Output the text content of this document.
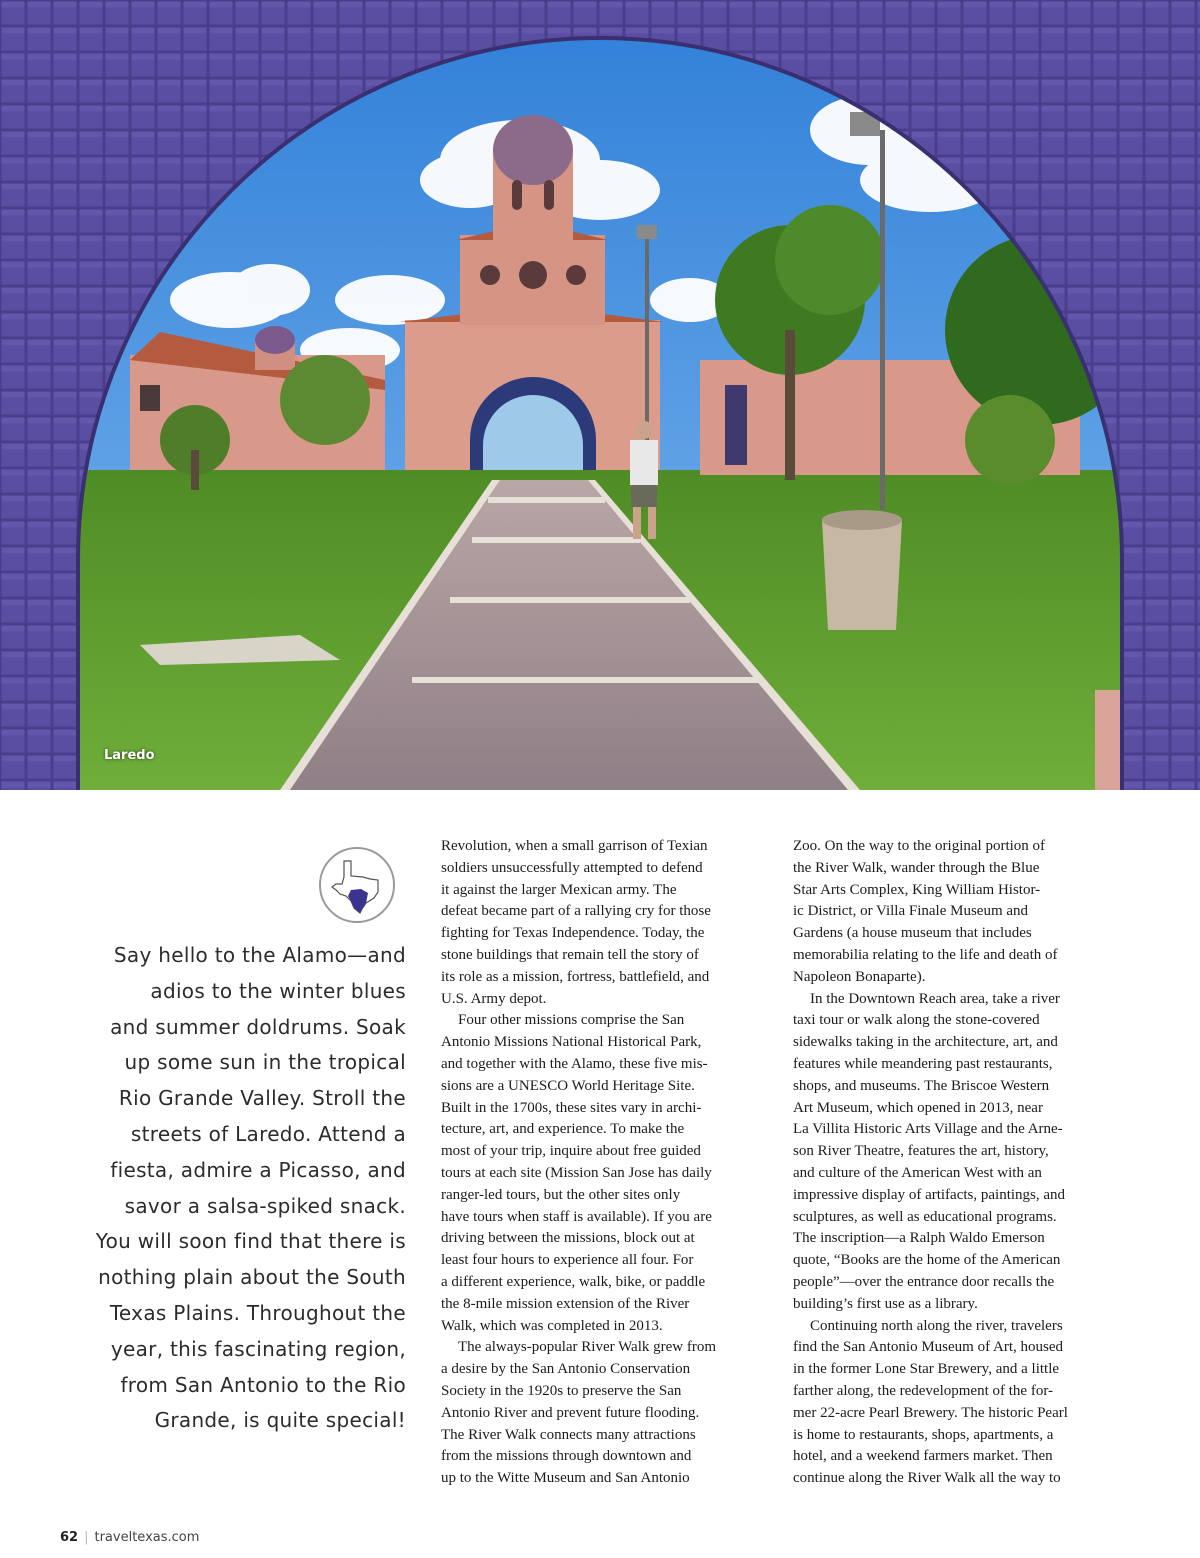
Laredo
Say hello to the Alamo—and
adios to the winter blues
and summer doldrums. Soak
up some sun in the tropical
Rio Grande Valley. Stroll the
streets of Laredo. Attend a
fiesta, admire a Picasso, and
savor a salsa-spiked snack.
You will soon find that there is
nothing plain about the South
Texas Plains. Throughout the
year, this fascinating region,
from San Antonio to the Rio
Grande, is quite special!
Revolution, when a small garrison of Texian
soldiers unsuccessfully attempted to defend
it against the larger Mexican army. The
defeat became part of a rallying cry for those
fighting for Texas Independence. Today, the
stone buildings that remain tell the story of
its role as a mission, fortress, battlefield, and
U.S. Army depot.
Four other missions comprise the San
Antonio Missions National Historical Park,
and together with the Alamo, these five mis-
sions are a UNESCO World Heritage Site.
Built in the 1700s, these sites vary in archi-
tecture, art, and experience. To make the
most of your trip, inquire about free guided
tours at each site (Mission San Jose has daily
ranger-led tours, but the other sites only
have tours when staff is available). If you are
driving between the missions, block out at
least four hours to experience all four. For
a different experience, walk, bike, or paddle
the 8-mile mission extension of the River
Walk, which was completed in 2013.
The always-popular River Walk grew from
a desire by the San Antonio Conservation
Society in the 1920s to preserve the San
Antonio River and prevent future flooding.
The River Walk connects many attractions
from the missions through downtown and
up to the Witte Museum and San Antonio
Zoo. On the way to the original portion of
the River Walk, wander through the Blue
Star Arts Complex, King William Histor-
ic District, or Villa Finale Museum and
Gardens (a house museum that includes
memorabilia relating to the life and death of
Napoleon Bonaparte).
In the Downtown Reach area, take a river
taxi tour or walk along the stone-covered
sidewalks taking in the architecture, art, and
features while meandering past restaurants,
shops, and museums. The Briscoe Western
Art Museum, which opened in 2013, near
La Villita Historic Arts Village and the Arne-
son River Theatre, features the art, history,
and culture of the American West with an
impressive display of artifacts, paintings, and
sculptures, as well as educational programs.
The inscription—a Ralph Waldo Emerson
quote, “Books are the home of the American
people”—over the entrance door recalls the
building’s first use as a library.
Continuing north along the river, travelers
find the San Antonio Museum of Art, housed
in the former Lone Star Brewery, and a little
farther along, the redevelopment of the for-
mer 22-acre Pearl Brewery. The historic Pearl
is home to restaurants, shops, apartments, a
hotel, and a weekend farmers market. Then
continue along the River Walk all the way to
62 | traveltexas.com
